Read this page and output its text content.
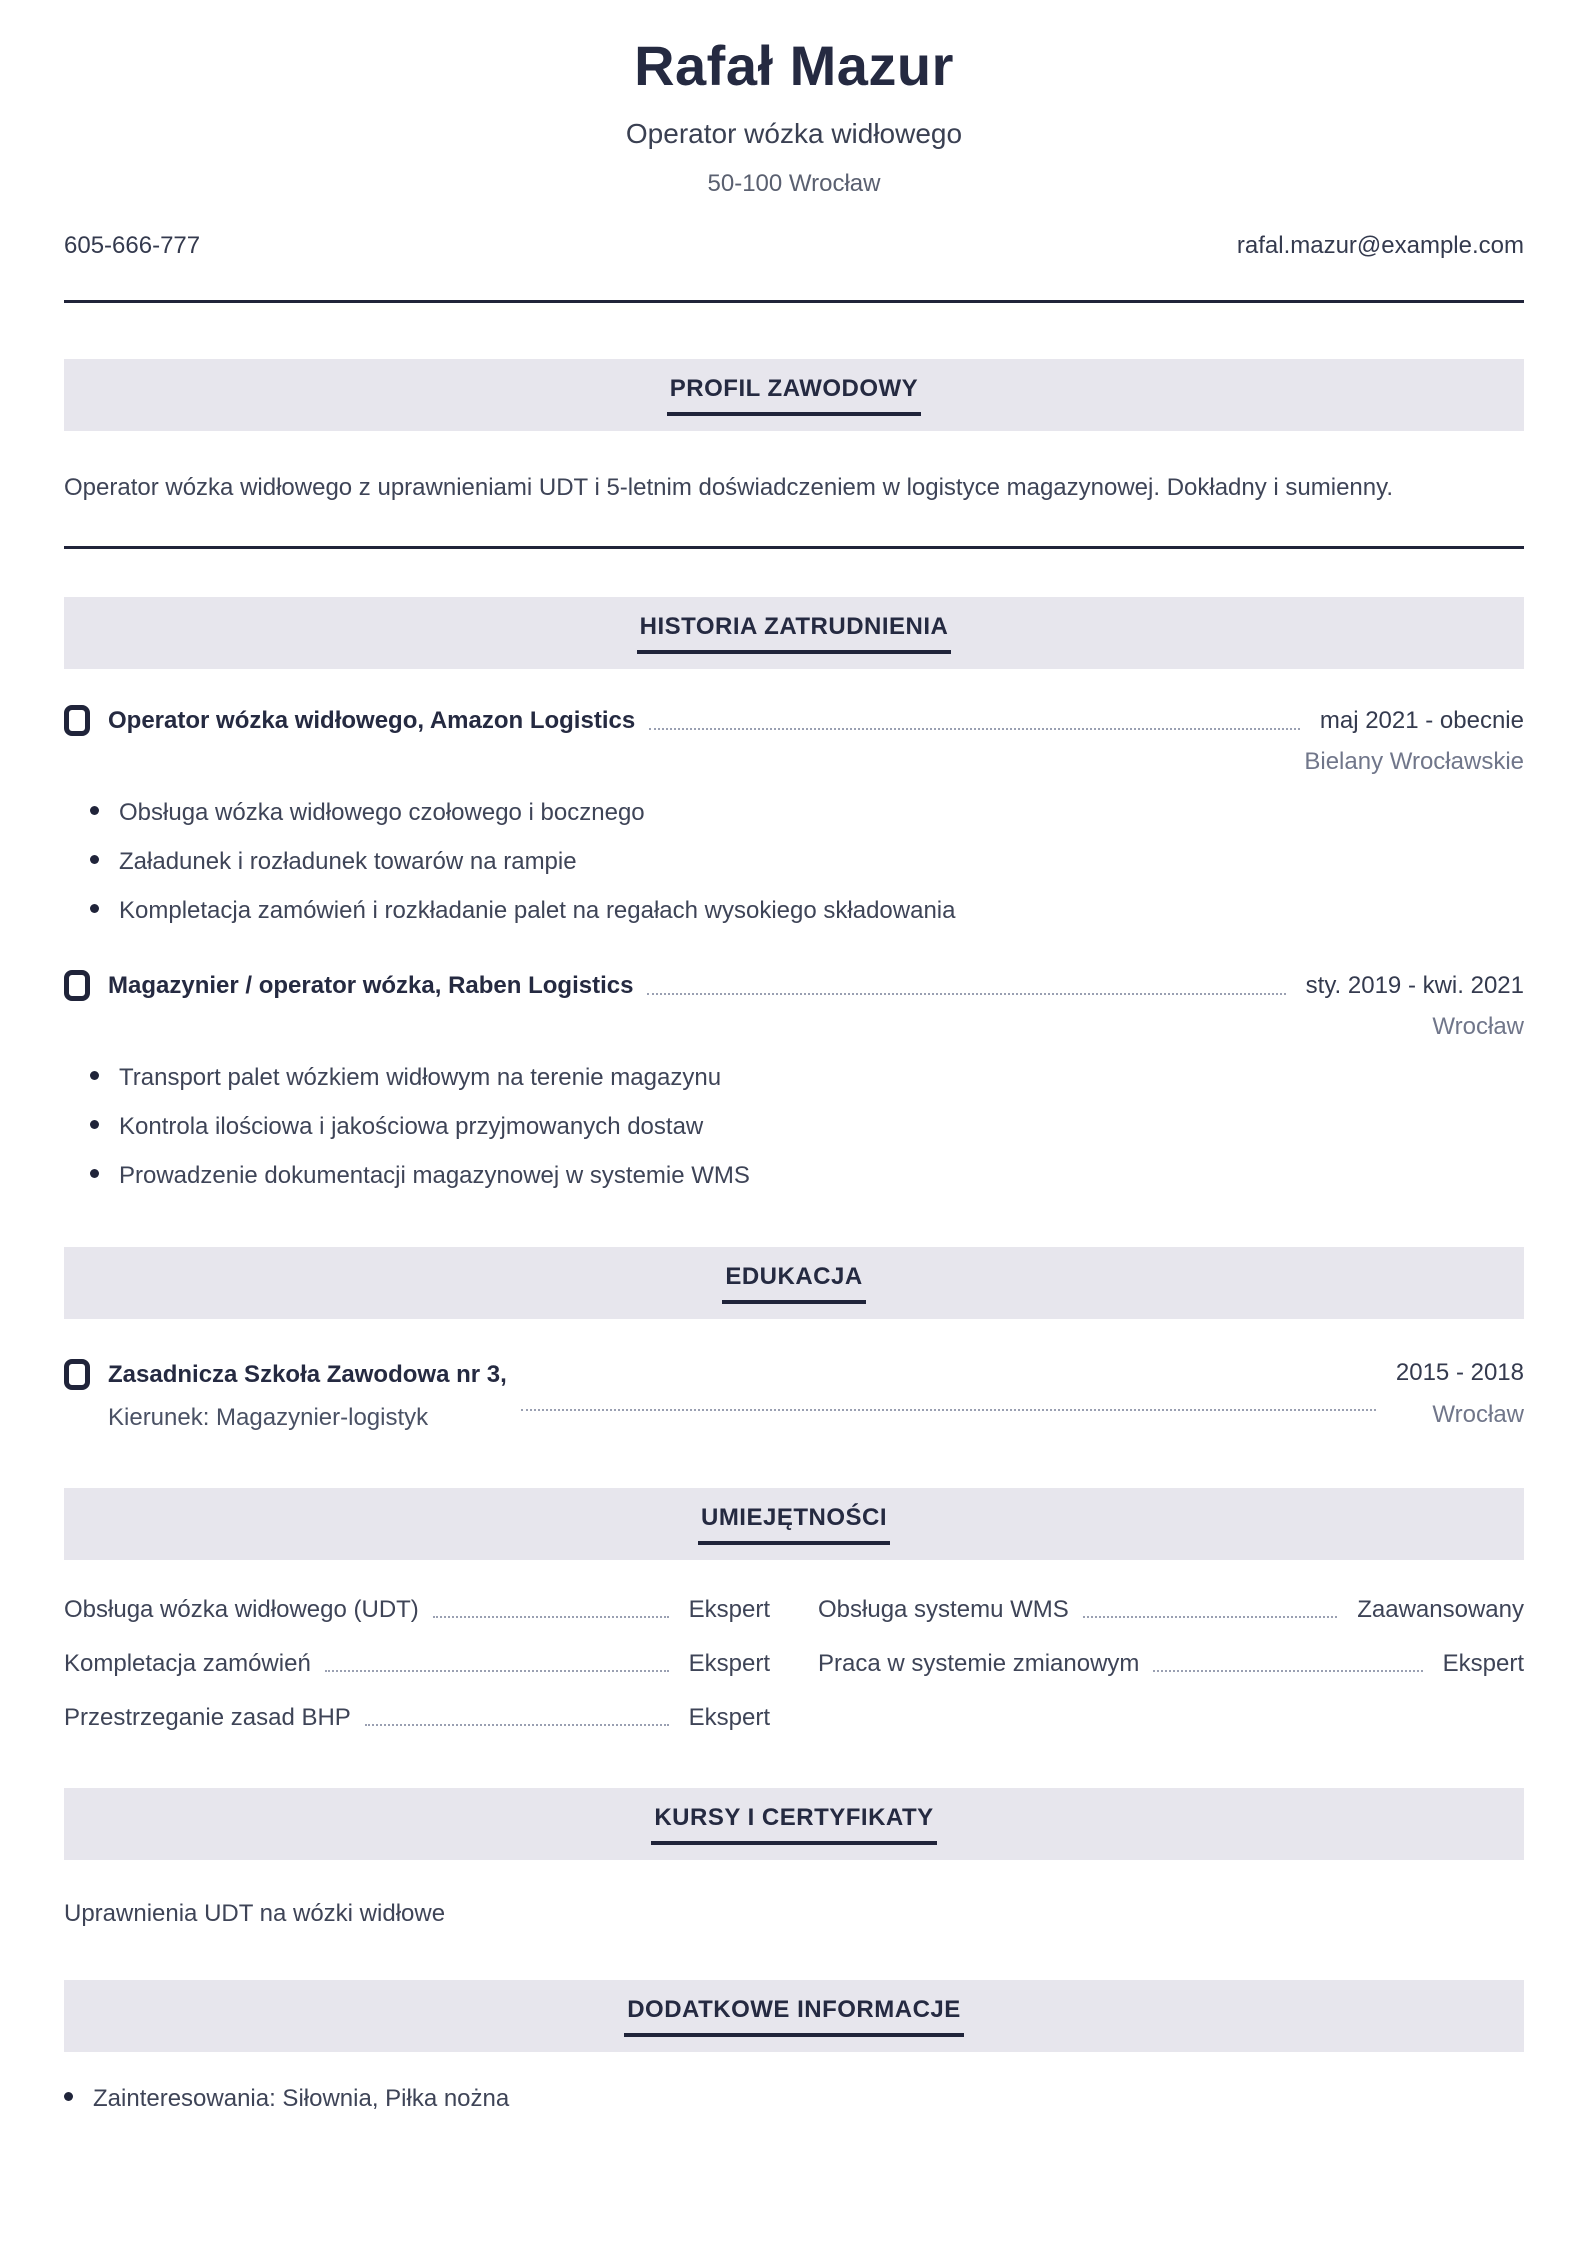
Rafał Mazur
Operator wózka widłowego
50-100 Wrocław
605-666-777	rafal.mazur@example.com
PROFIL ZAWODOWY

Operator wózka widłowego z uprawnieniami UDT i 5-letnim doświadczeniem w logistyce magazynowej. Dokładny i sumienny.

HISTORIA ZATRUDNIENIA
Operator wózka widłowego, Amazon Logistics	maj 2021 - obecnie
Bielany Wrocławskie
Obsługa wózka widłowego czołowego i bocznego
Załadunek i rozładunek towarów na rampie
Kompletacja zamówień i rozkładanie palet na regałach wysokiego składowania
Magazynier / operator wózka, Raben Logistics	sty. 2019 - kwi. 2021
Wrocław
Transport palet wózkiem widłowym na terenie magazynu
Kontrola ilościowa i jakościowa przyjmowanych dostaw
Prowadzenie dokumentacji magazynowej w systemie WMS
EDUKACJA
Zasadnicza Szkoła Zawodowa nr 3,
Kierunek: Magazynier-logistyk
2015 - 2018
Wrocław
UMIEJĘTNOŚCI
Obsługa wózka widłowego (UDT)	Ekspert Obsługa systemu WMS	Zaawansowany
Kompletacja zamówień	Ekspert Praca w systemie zmianowym	Ekspert
Przestrzeganie zasad BHP	Ekspert
KURSY I CERTYFIKATY

Uprawnienia UDT na wózki widłowe

DODATKOWE INFORMACJE
Zainteresowania: Siłownia, Piłka nożna
